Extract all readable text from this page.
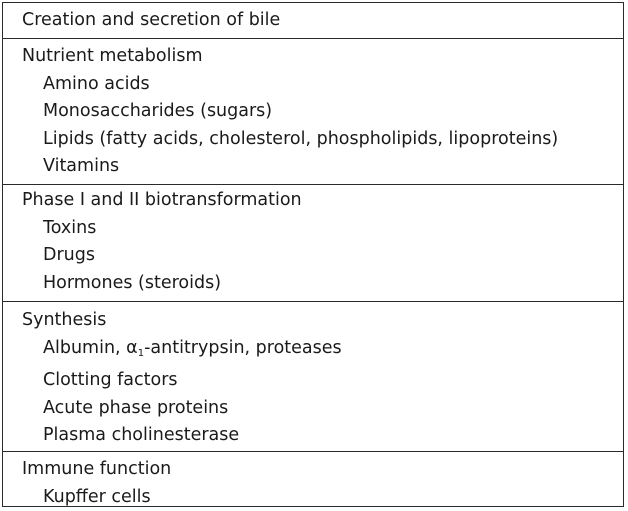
Creation and secretion of bile
Nutrient metabolism
Amino acids
Monosaccharides (sugars)
Lipids (fatty acids, cholesterol, phospholipids, lipoproteins)
Vitamins
Phase I and II biotransformation
Toxins
Drugs
Hormones (steroids)
Synthesis
Albumin, $\alpha_1$-antitrypsin, proteases
Clotting factors
Acute phase proteins
Plasma cholinesterase
Immune function
Kupffer cells
